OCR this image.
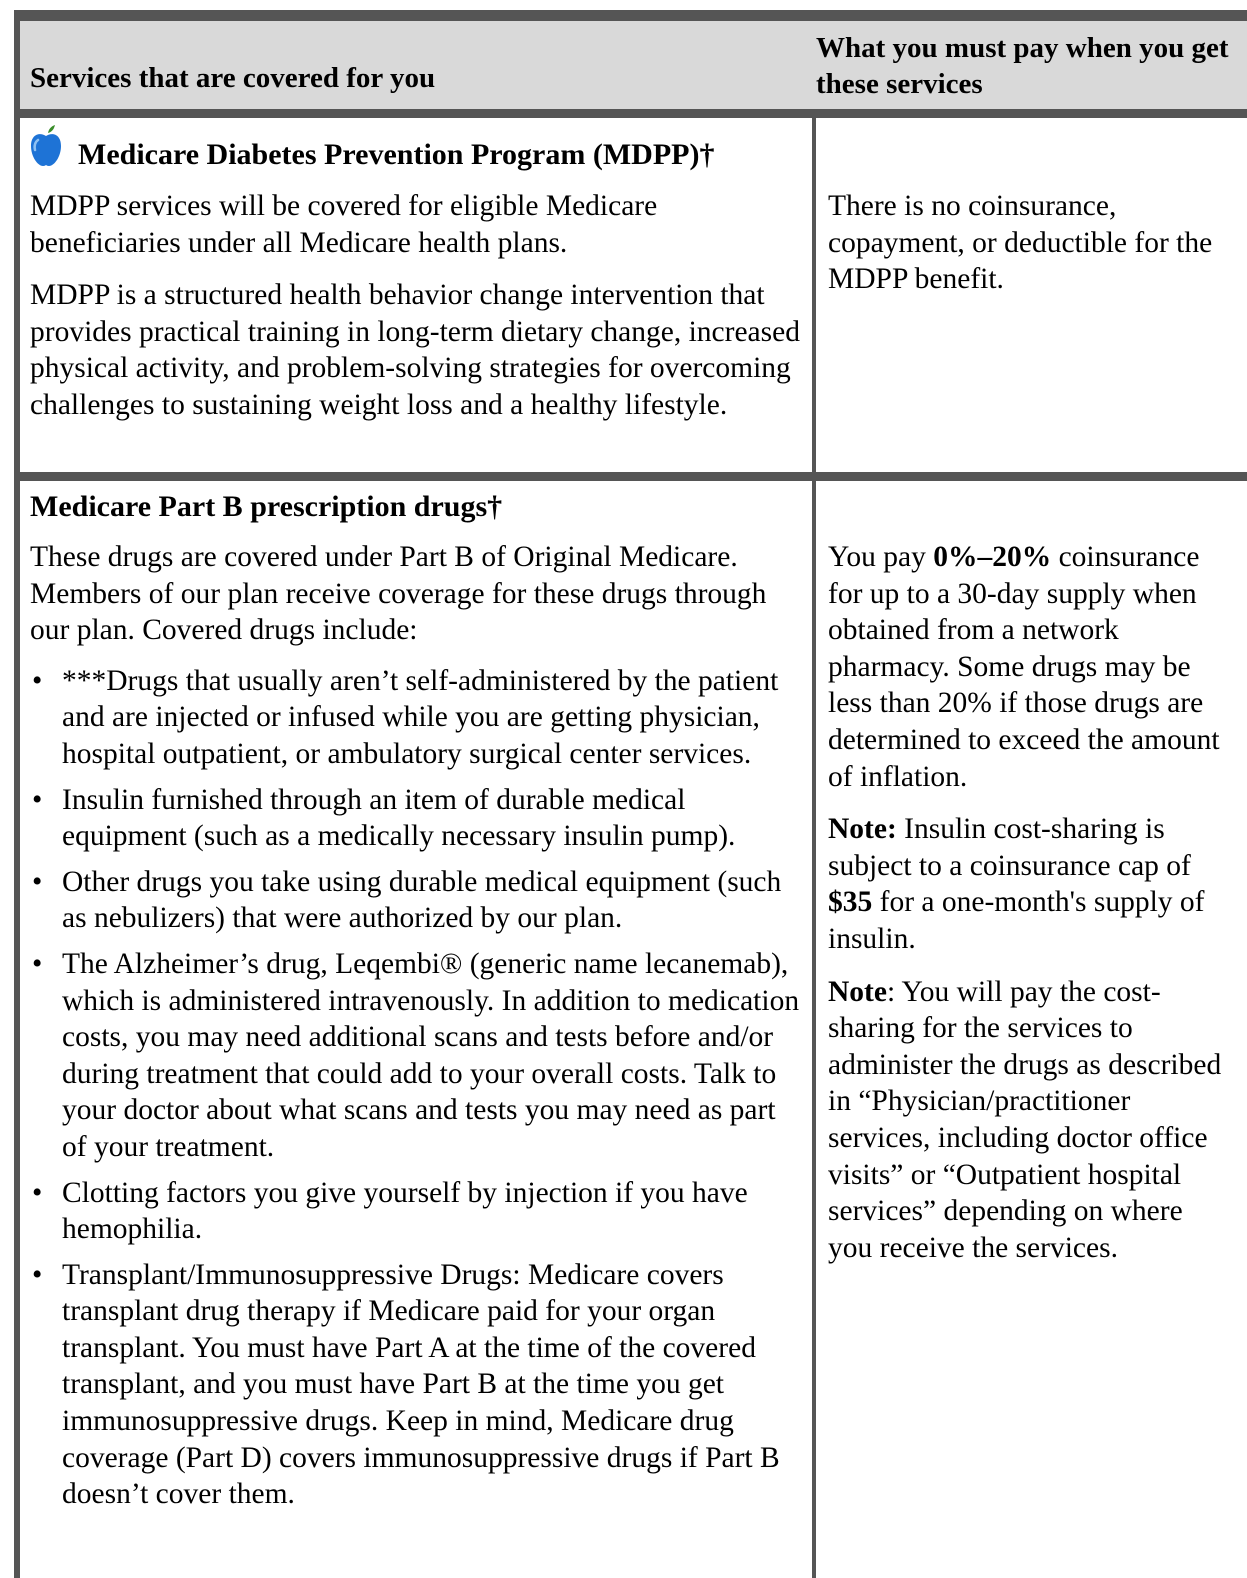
Services that are covered for you
What you must pay when you get these services
Medicare Diabetes Prevention Program (MDPP)†

MDPP services will be covered for eligible Medicare beneficiaries under all Medicare health plans.

MDPP is a structured health behavior change intervention that provides practical training in long-term dietary change, increased physical activity, and problem-solving strategies for overcoming challenges to sustaining weight loss and a healthy lifestyle.

There is no coinsurance, copayment, or deductible for the MDPP benefit.
Medicare Part B prescription drugs†

These drugs are covered under Part B of Original Medicare. Members of our plan receive coverage for these drugs through our plan. Covered drugs include:

• ***Drugs that usually aren’t self-administered by the patient and are injected or infused while you are getting physician, hospital outpatient, or ambulatory surgical center services.
• Insulin furnished through an item of durable medical equipment (such as a medically necessary insulin pump).
• Other drugs you take using durable medical equipment (such as nebulizers) that were authorized by our plan.
• The Alzheimer’s drug, Leqembi® (generic name lecanemab), which is administered intravenously. In addition to medication costs, you may need additional scans and tests before and/or during treatment that could add to your overall costs. Talk to your doctor about what scans and tests you may need as part of your treatment.
• Clotting factors you give yourself by injection if you have hemophilia.
• Transplant/Immunosuppressive Drugs: Medicare covers transplant drug therapy if Medicare paid for your organ transplant. You must have Part A at the time of the covered transplant, and you must have Part B at the time you get immunosuppressive drugs. Keep in mind, Medicare drug coverage (Part D) covers immunosuppressive drugs if Part B doesn’t cover them.

You pay 0%–20% coinsurance for up to a 30-day supply when obtained from a network pharmacy. Some drugs may be less than 20% if those drugs are determined to exceed the amount of inflation.

Note: Insulin cost-sharing is subject to a coinsurance cap of $35 for a one-month's supply of insulin.

Note: You will pay the cost-sharing for the services to administer the drugs as described in “Physician/practitioner services, including doctor office visits” or “Outpatient hospital services” depending on where you receive the services.
